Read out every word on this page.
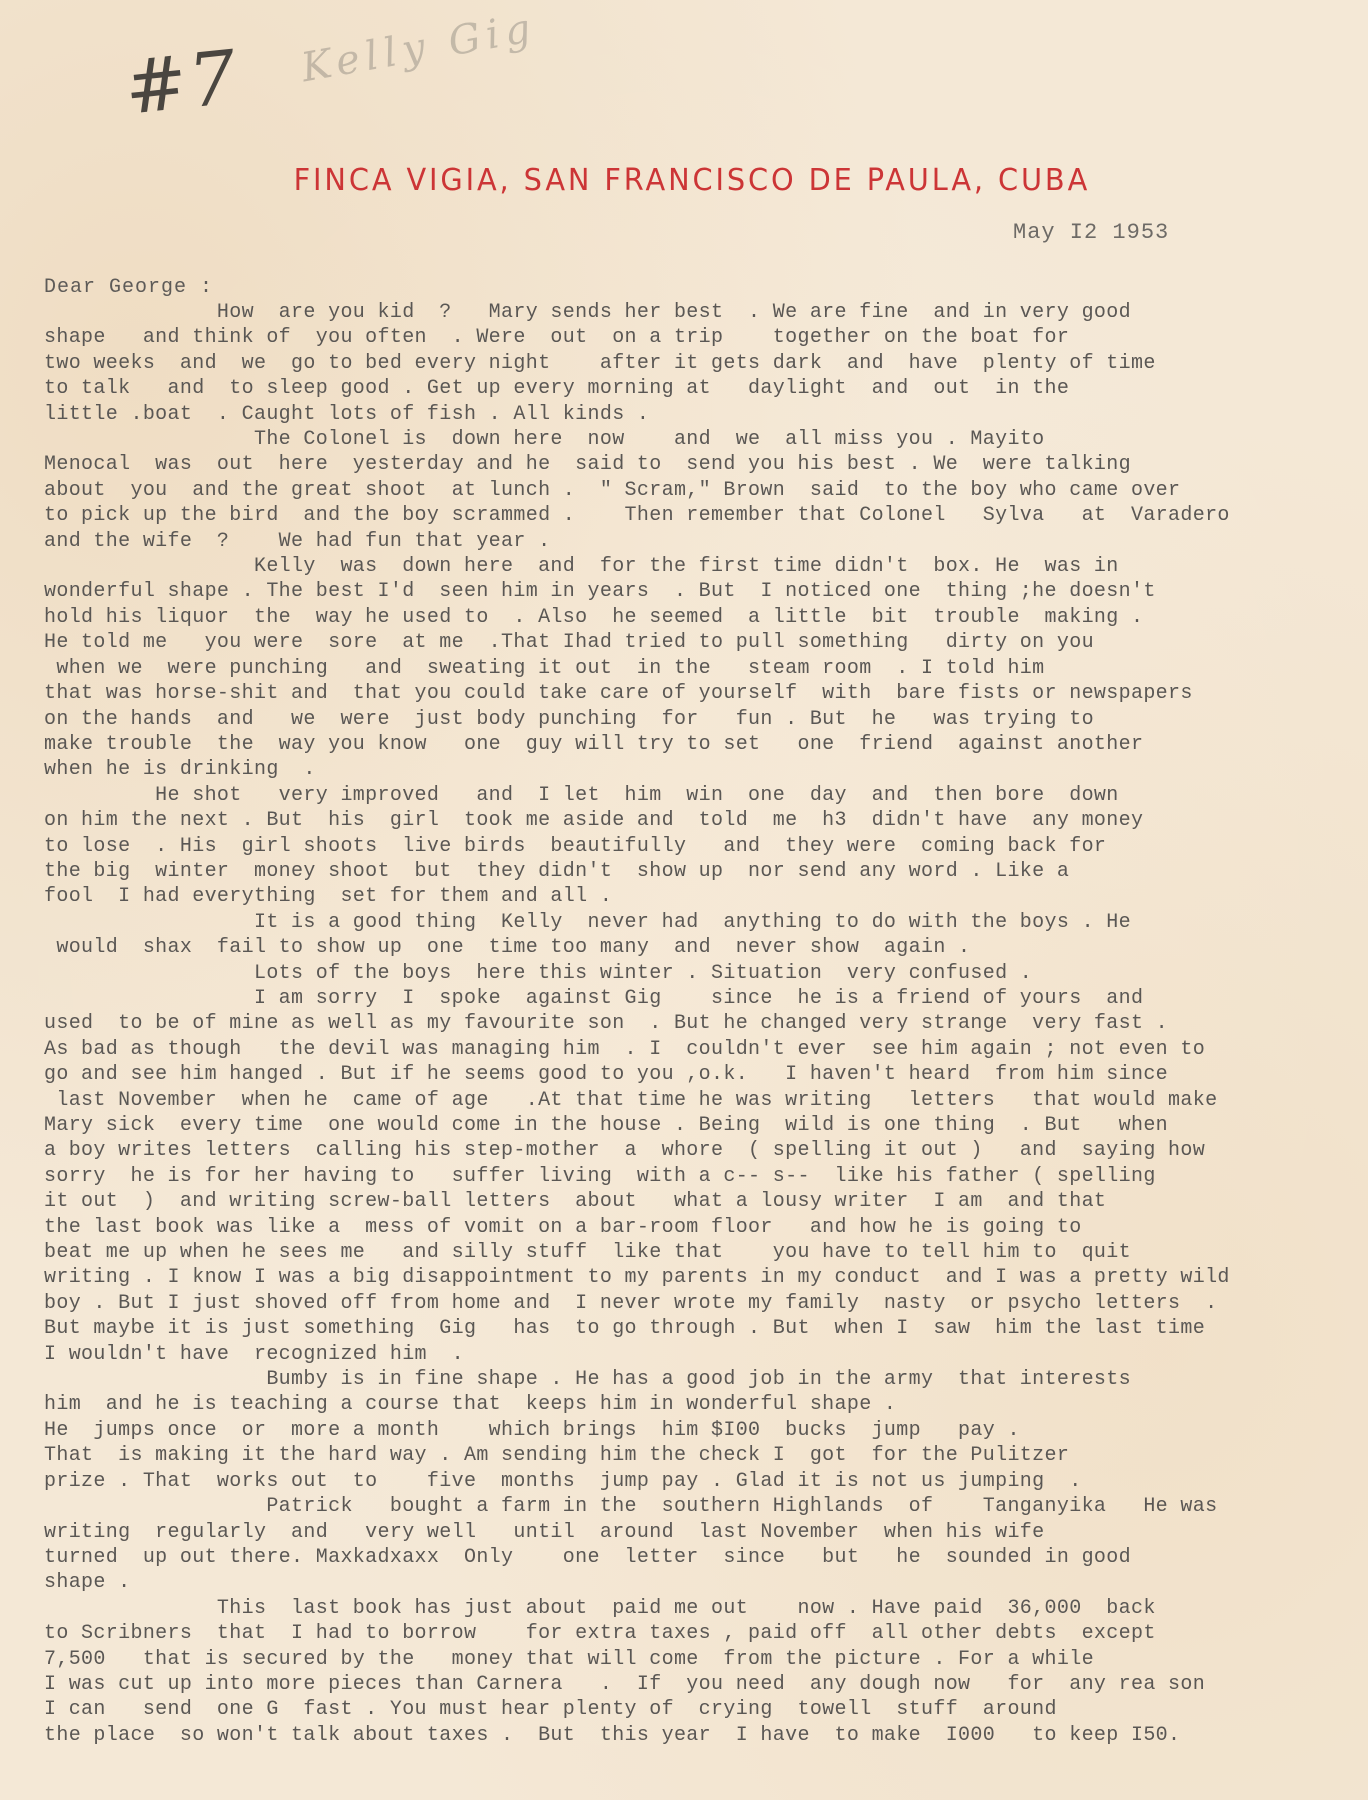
#7 Kelly Gig
FINCA VIGIA, SAN FRANCISCO DE PAULA, CUBA
May I2 1953
Dear George :
How  are you kid  ?   Mary sends her best  . We are fine  and in very good
shape   and think of  you often  . Were  out  on a trip    together on the boat for
two weeks  and  we  go to bed every night    after it gets dark  and  have  plenty of time
to talk   and  to sleep good . Get up every morning at   daylight  and  out  in the
little .boat  . Caught lots of fish . All kinds .
The Colonel is  down here  now    and  we  all miss you . Mayito
Menocal  was  out  here  yesterday and he  said to  send you his best . We  were talking
about  you  and the great shoot  at lunch .  " Scram," Brown  said  to the boy who came over
to pick up the bird  and the boy scrammed .    Then remember that Colonel   Sylva   at  Varadero
and the wife  ?    We had fun that year .
Kelly  was  down here  and  for the first time didn't  box. He  was in
wonderful shape . The best I'd  seen him in years  . But  I noticed one  thing ;he doesn't
hold his liquor  the  way he used to  . Also  he seemed  a little  bit  trouble  making .
He told me   you were  sore  at me  .That Ihad tried to pull something   dirty on you
when we  were punching   and  sweating it out  in the   steam room  . I told him
that was horse-shit and  that you could take care of yourself  with  bare fists or newspapers
on the hands  and   we  were  just body punching  for   fun . But  he   was trying to
make trouble  the  way you know   one  guy will try to set   one  friend  against another
when he is drinking  .
He shot   very improved   and  I let  him  win  one  day  and  then bore  down
on him the next . But  his  girl  took me aside and  told  me  h3  didn't have  any money
to lose  . His  girl shoots  live birds  beautifully   and  they were  coming back for
the big  winter  money shoot  but  they didn't  show up  nor send any word . Like a
fool  I had everything  set for them and all .
It is a good thing  Kelly  never had  anything to do with the boys . He
would  shax  fail to show up  one  time too many  and  never show  again .
Lots of the boys  here this winter . Situation  very confused .
I am sorry  I  spoke  against Gig    since  he is a friend of yours  and
used  to be of mine as well as my favourite son  . But he changed very strange  very fast .
As bad as though   the devil was managing him  . I  couldn't ever  see him again ; not even to
go and see him hanged . But if he seems good to you ,o.k.   I haven't heard  from him since
last November  when he  came of age   .At that time he was writing   letters   that would make
Mary sick  every time  one would come in the house . Being  wild is one thing  . But   when
a boy writes letters  calling his step-mother  a  whore  ( spelling it out )   and  saying how
sorry  he is for her having to   suffer living  with a c-- s--  like his father ( spelling
it out  )  and writing screw-ball letters  about   what a lousy writer  I am  and that
the last book was like a  mess of vomit on a bar-room floor   and how he is going to
beat me up when he sees me   and silly stuff  like that    you have to tell him to  quit
writing . I know I was a big disappointment to my parents in my conduct  and I was a pretty wild
boy . But I just shoved off from home and  I never wrote my family  nasty  or psycho letters  .
But maybe it is just something  Gig   has  to go through . But  when I  saw  him the last time
I wouldn't have  recognized him  .
Bumby is in fine shape . He has a good job in the army  that interests
him  and he is teaching a course that  keeps him in wonderful shape .
He  jumps once  or  more a month    which brings  him $I00  bucks  jump   pay .
That  is making it the hard way . Am sending him the check I  got  for the Pulitzer
prize . That  works out  to    five  months  jump pay . Glad it is not us jumping  .
Patrick   bought a farm in the  southern Highlands  of    Tanganyika   He was
writing  regularly  and   very well   until  around  last November  when his wife
turned  up out there. Maxkadxaxx  Only    one  letter  since   but   he  sounded in good
shape .
This  last book has just about  paid me out    now . Have paid  36,000  back
to Scribners  that  I had to borrow    for extra taxes , paid off  all other debts  except
7,500   that is secured by the   money that will come  from the picture . For a while
I was cut up into more pieces than Carnera   .  If  you need  any dough now   for  any rea son
I can   send  one G  fast . You must hear plenty of  crying  towell  stuff  around
the place  so won't talk about taxes .  But  this year  I have  to make  I000   to keep I50.
